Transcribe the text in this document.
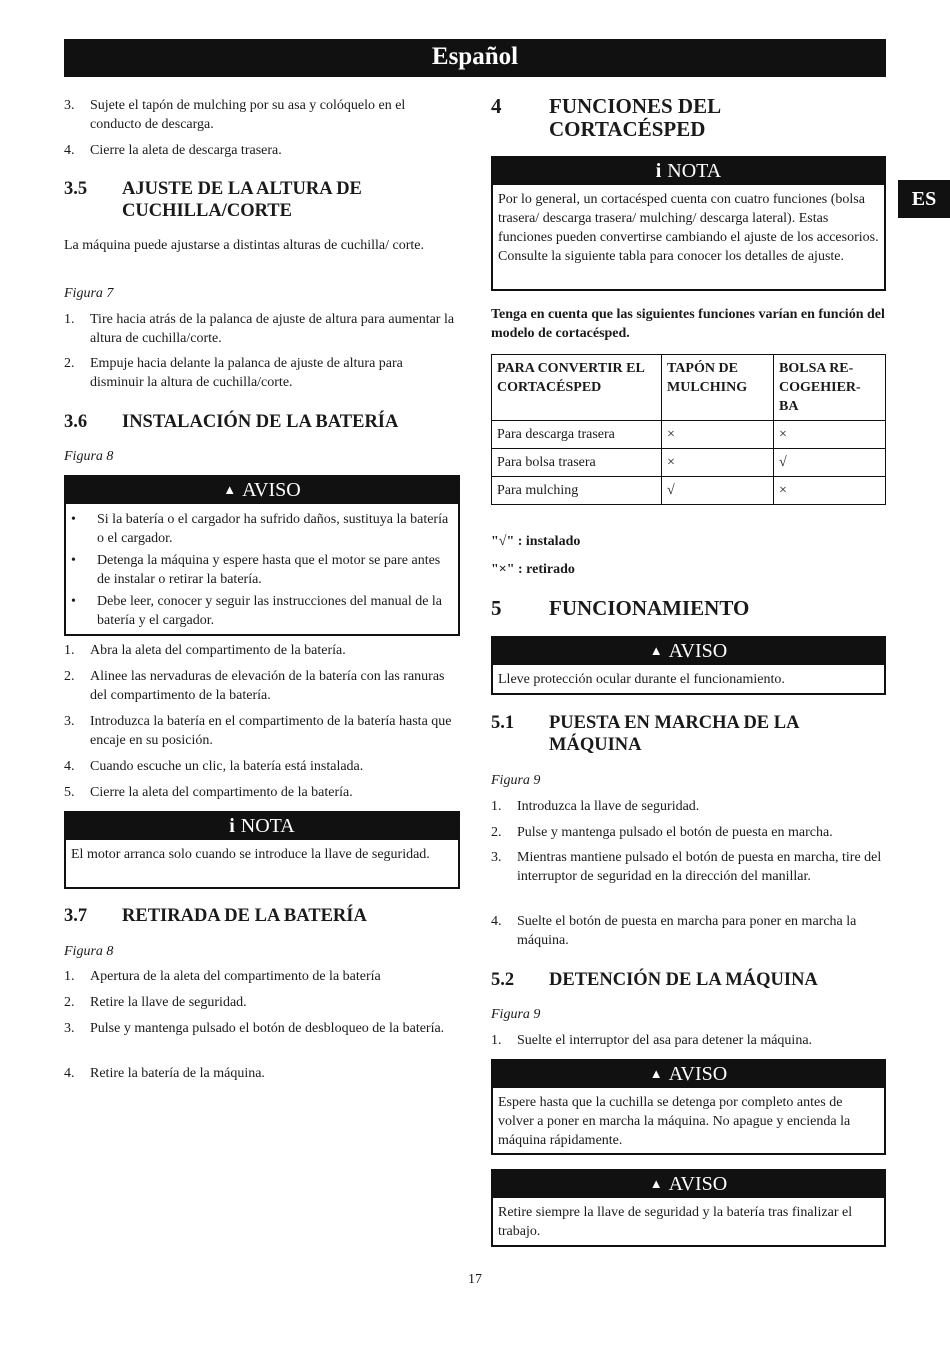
Español
ES
3.	Sujete el tapón de mulching por su asa y colóquelo en el conducto de descarga.
4.	Cierre la aleta de descarga trasera.
3.5	AJUSTE DE LA ALTURA DE CUCHILLA/CORTE
La máquina puede ajustarse a distintas alturas de cuchilla/ corte.
Figura 7
1.	Tire hacia atrás de la palanca de ajuste de altura para aumentar la altura de cuchilla/corte.
2.	Empuje hacia delante la palanca de ajuste de altura para disminuir la altura de cuchilla/corte.
3.6	INSTALACIÓN DE LA BATERÍA
Figura 8
▲ AVISO
•	Si la batería o el cargador ha sufrido daños, sustituya la batería o el cargador.
•	Detenga la máquina y espere hasta que el motor se pare antes de instalar o retirar la batería.
•	Debe leer, conocer y seguir las instrucciones del manual de la batería y el cargador.
1.	Abra la aleta del compartimento de la batería.
2.	Alinee las nervaduras de elevación de la batería con las ranuras del compartimento de la batería.
3.	Introduzca la batería en el compartimento de la batería hasta que encaje en su posición.
4.	Cuando escuche un clic, la batería está instalada.
5.	Cierre la aleta del compartimento de la batería.
i NOTA
El motor arranca solo cuando se introduce la llave de seguridad.
3.7	RETIRADA DE LA BATERÍA
Figura 8
1.	Apertura de la aleta del compartimento de la batería
2.	Retire la llave de seguridad.
3.	Pulse y mantenga pulsado el botón de desbloqueo de la batería.
4.	Retire la batería de la máquina.
4	FUNCIONES DEL CORTACÉSPED
i NOTA
Por lo general, un cortacésped cuenta con cuatro funciones (bolsa trasera/ descarga trasera/ mulching/ descarga lateral). Estas funciones pueden convertirse cambiando el ajuste de los accesorios. Consulte la siguiente tabla para conocer los detalles de ajuste.
Tenga en cuenta que las siguientes funciones varían en función del modelo de cortacésped.
PARA CONVERTIR EL CORTACÉSPED	TAPÓN DE MULCHING	BOLSA RE-COGEHIER-BA
Para descarga trasera	×	×
Para bolsa trasera	×	√
Para mulching	√	×
"√" : instalado
"×" : retirado
5	FUNCIONAMIENTO
▲ AVISO
Lleve protección ocular durante el funcionamiento.
5.1	PUESTA EN MARCHA DE LA MÁQUINA
Figura 9
1.	Introduzca la llave de seguridad.
2.	Pulse y mantenga pulsado el botón de puesta en marcha.
3.	Mientras mantiene pulsado el botón de puesta en marcha, tire del interruptor de seguridad en la dirección del manillar.
4.	Suelte el botón de puesta en marcha para poner en marcha la máquina.
5.2	DETENCIÓN DE LA MÁQUINA
Figura 9
1.	Suelte el interruptor del asa para detener la máquina.
▲ AVISO
Espere hasta que la cuchilla se detenga por completo antes de volver a poner en marcha la máquina. No apague y encienda la máquina rápidamente.
▲ AVISO
Retire siempre la llave de seguridad y la batería tras finalizar el trabajo.
17
